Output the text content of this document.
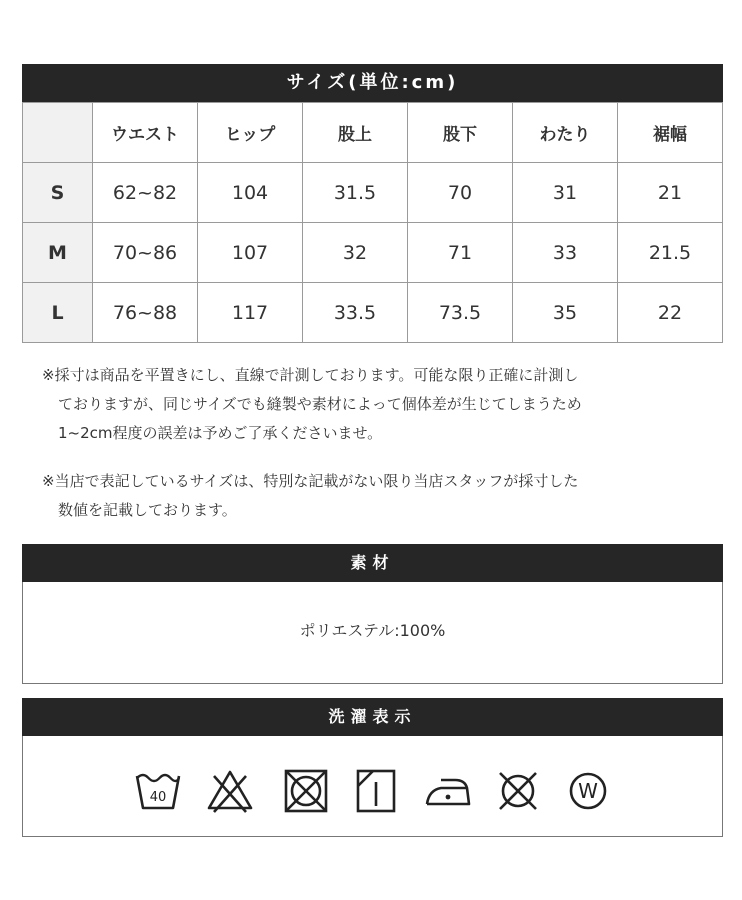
サイズ(単位:cm)
	ウエスト	ヒップ	股上	股下	わたり	裾幅
S	62~82	104	31.5	70	31	21
M	70~86	107	32	71	33	21.5
L	76~88	117	33.5	73.5	35	22
※採寸は商品を平置きにし、直線で計測しております。可能な限り正確に計測し
ておりますが、同じサイズでも縫製や素材によって個体差が生じてしまうため
1~2cm程度の誤差は予めご了承くださいませ。
※当店で表記しているサイズは、特別な記載がない限り当店スタッフが採寸した
数値を記載しております。
素材
ポリエステル:100%
洗濯表示
40	W
